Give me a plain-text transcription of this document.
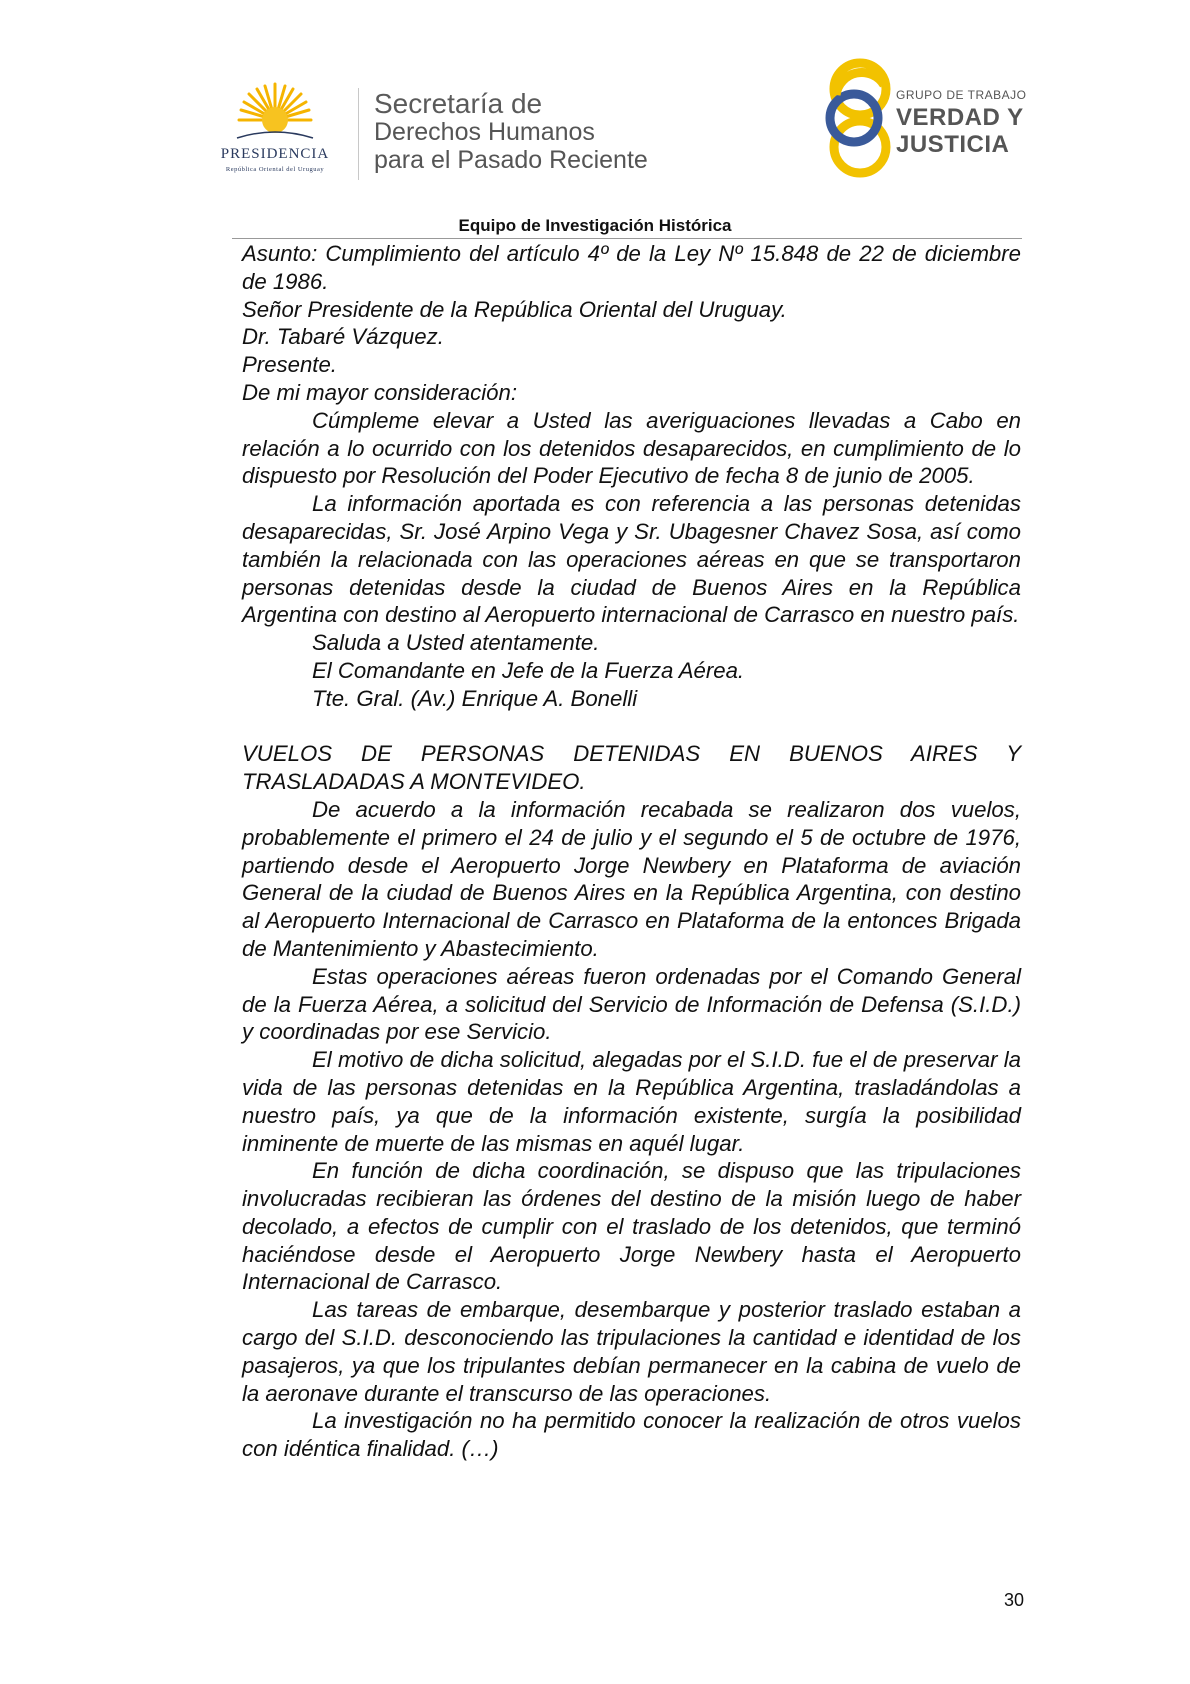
PRESIDENCIA
República Oriental del Uruguay
Secretaría de
Derechos Humanos
para el Pasado Reciente
GRUPO DE TRABAJO
VERDAD Y
JUSTICIA
Equipo de Investigación Histórica

Asunto: Cumplimiento del artículo 4º de la Ley Nº 15.848 de 22 de diciembre de 1986.

Señor Presidente de la República Oriental del Uruguay.

Dr. Tabaré Vázquez.

Presente.

De mi mayor consideración:

Cúmpleme elevar a Usted las averiguaciones llevadas a Cabo en relación a lo ocurrido con los detenidos desaparecidos, en cumplimiento de lo dispuesto por Resolución del Poder Ejecutivo de fecha 8 de junio de 2005.

La información aportada es con referencia a las personas detenidas desaparecidas, Sr. José Arpino Vega y Sr. Ubagesner Chavez Sosa, así como también la relacionada con las operaciones aéreas en que se transportaron personas detenidas desde la ciudad de Buenos Aires en la República Argentina con destino al Aeropuerto internacional de Carrasco en nuestro país.

Saluda a Usted atentamente.

El Comandante en Jefe de la Fuerza Aérea.

Tte. Gral. (Av.) Enrique A. Bonelli

VUELOS DE PERSONAS DETENIDAS EN BUENOS AIRES Y TRASLADADAS A MONTEVIDEO.

De acuerdo a la información recabada se realizaron dos vuelos, probablemente el primero el 24 de julio y el segundo el 5 de octubre de 1976, partiendo desde el Aeropuerto Jorge Newbery en Plataforma de aviación General de la ciudad de Buenos Aires en la República Argentina, con destino al Aeropuerto Internacional de Carrasco en Plataforma de la entonces Brigada de Mantenimiento y Abastecimiento.

Estas operaciones aéreas fueron ordenadas por el Comando General de la Fuerza Aérea, a solicitud del Servicio de Información de Defensa (S.I.D.) y coordinadas por ese Servicio.

El motivo de dicha solicitud, alegadas por el S.I.D. fue el de preservar la vida de las personas detenidas en la República Argentina, trasladándolas a nuestro país, ya que de la información existente, surgía la posibilidad inminente de muerte de las mismas en aquél lugar.

En función de dicha coordinación, se dispuso que las tripulaciones involucradas recibieran las órdenes del destino de la misión luego de haber decolado, a efectos de cumplir con el traslado de los detenidos, que terminó haciéndose desde el Aeropuerto Jorge Newbery hasta el Aeropuerto Internacional de Carrasco.

Las tareas de embarque, desembarque y posterior traslado estaban a cargo del S.I.D. desconociendo las tripulaciones la cantidad e identidad de los pasajeros, ya que los tripulantes debían permanecer en la cabina de vuelo de la aeronave durante el transcurso de las operaciones.

La investigación no ha permitido conocer la realización de otros vuelos con idéntica finalidad. (…)

30
